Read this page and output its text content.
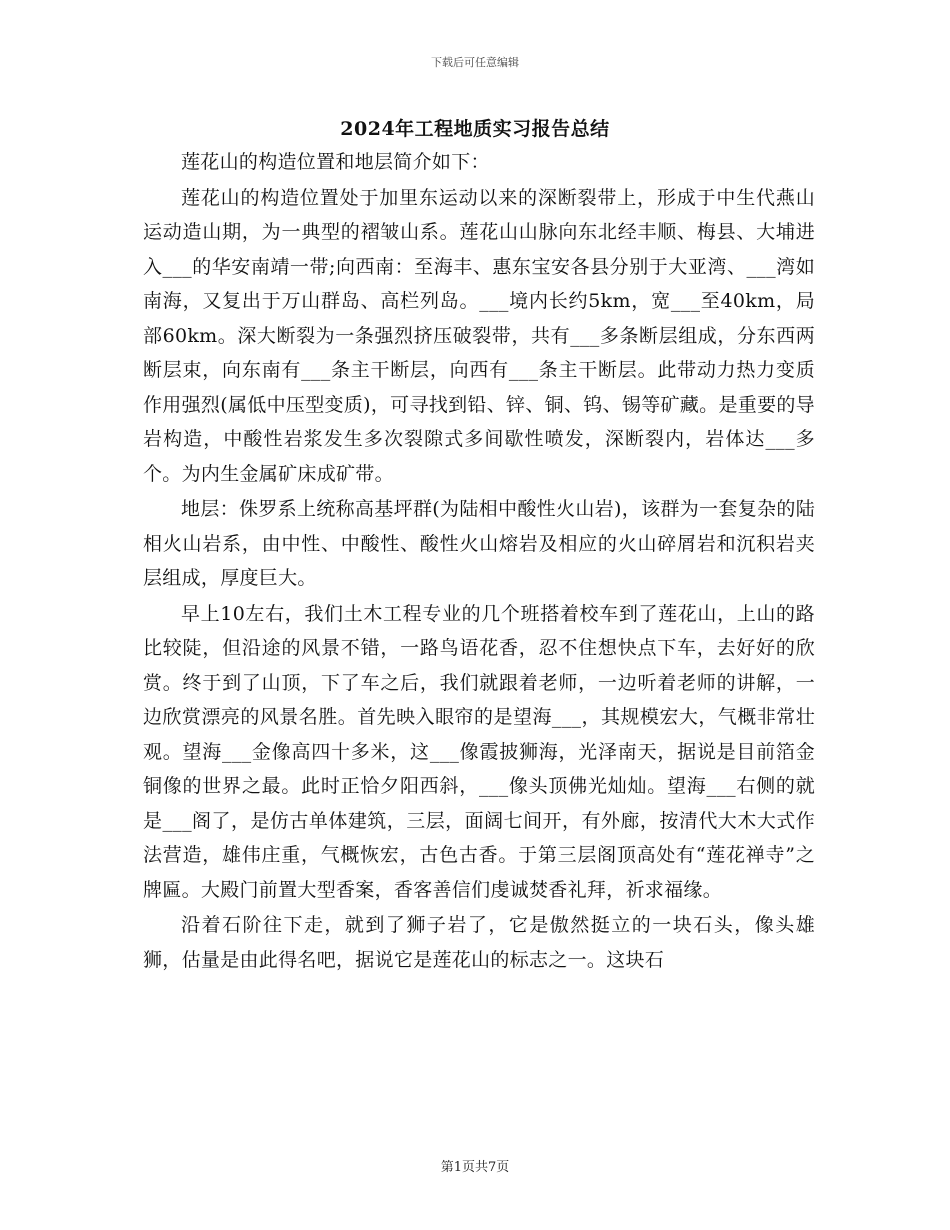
下载后可任意编辑
2024年工程地质实习报告总结

莲花山的构造位置和地层简介如下：

莲花山的构造位置处于加里东运动以来的深断裂带上，形成于中生代燕山运动造山期，为一典型的褶皱山系。莲花山山脉向东北经丰顺、梅县、大埔进入___的华安南靖一带;向西南：至海丰、惠东宝安各县分别于大亚湾、___湾如南海，又复出于万山群岛、高栏列岛。___境内长约5km，宽___至40km，局部60km。深大断裂为一条强烈挤压破裂带，共有___多条断层组成，分东西两断层束，向东南有___条主干断层，向西有___条主干断层。此带动力热力变质作用强烈(属低中压型变质)，可寻找到铅、锌、铜、钨、锡等矿藏。是重要的导岩构造，中酸性岩浆发生多次裂隙式多间歇性喷发，深断裂内，岩体达___多个。为内生金属矿床成矿带。

地层：侏罗系上统称高基坪群(为陆相中酸性火山岩)，该群为一套复杂的陆相火山岩系，由中性、中酸性、酸性火山熔岩及相应的火山碎屑岩和沉积岩夹层组成，厚度巨大。

早上10左右，我们土木工程专业的几个班搭着校车到了莲花山，上山的路比较陡，但沿途的风景不错，一路鸟语花香，忍不住想快点下车，去好好的欣赏。终于到了山顶，下了车之后，我们就跟着老师，一边听着老师的讲解，一边欣赏漂亮的风景名胜。首先映入眼帘的是望海___，其规模宏大，气概非常壮观。望海___金像高四十多米，这___像霞披狮海，光泽南天，据说是目前箔金铜像的世界之最。此时正恰夕阳西斜，___像头顶佛光灿灿。望海___右侧的就是___阁了，是仿古单体建筑，三层，面阔七间开，有外廊，按清代大木大式作法营造，雄伟庄重，气概恢宏，古色古香。于第三层阁顶高处有“莲花禅寺”之牌匾。大殿门前置大型香案，香客善信们虔诚焚香礼拜，祈求福缘。

沿着石阶往下走，就到了狮子岩了，它是傲然挺立的一块石头，像头雄狮，估量是由此得名吧，据说它是莲花山的标志之一。这块石

第1页共7页
